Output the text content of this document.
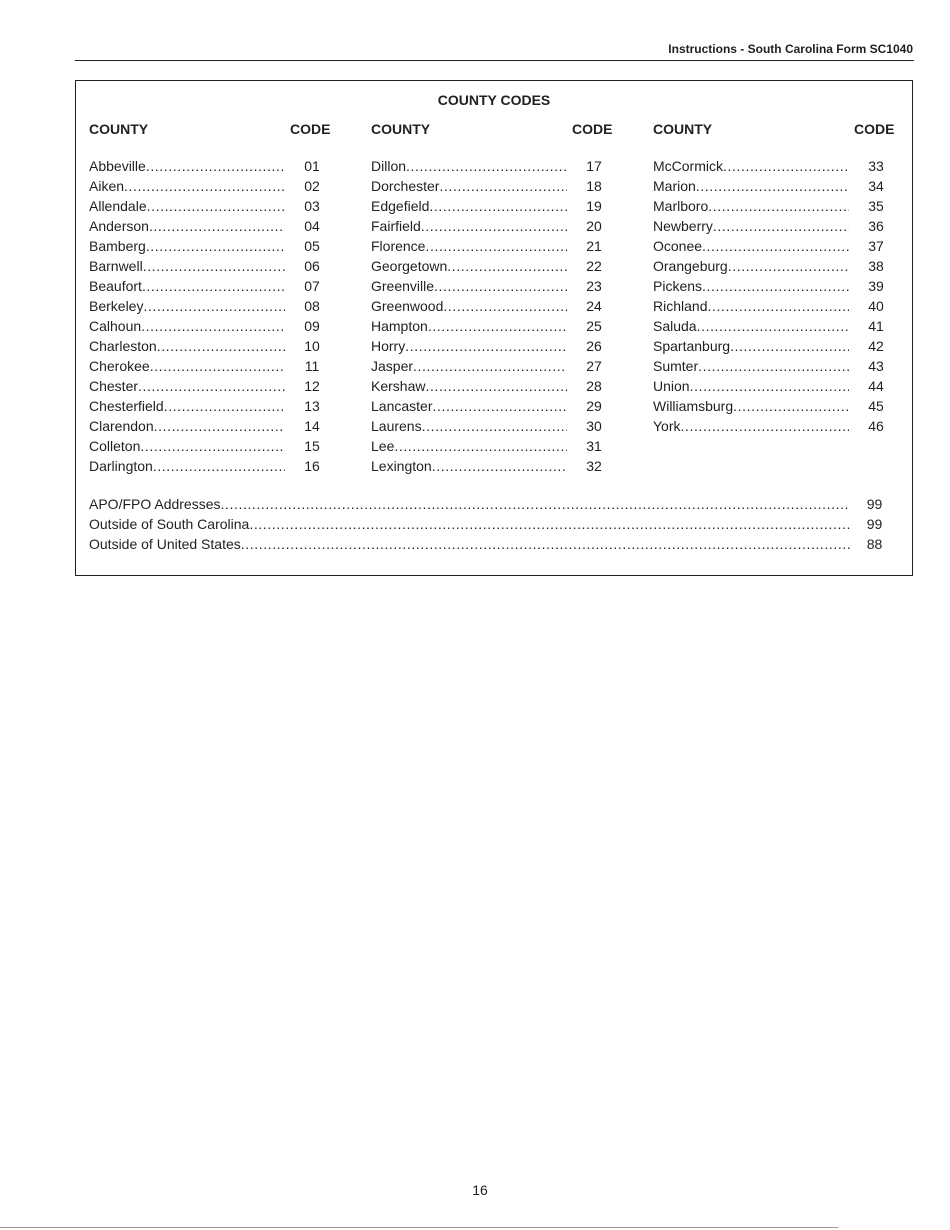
Instructions - South Carolina Form SC1040
COUNTY CODES
COUNTY	CODE	COUNTY	CODE	COUNTY	CODE
Abbeville .....	01
Aiken .....	02
Allendale .....	03
Anderson .....	04
Bamberg .....	05
Barnwell .....	06
Beaufort .....	07
Berkeley .....	08
Calhoun .....	09
Charleston .....	10
Cherokee .....	11
Chester .....	12
Chesterfield .....	13
Clarendon .....	14
Colleton .....	15
Darlington .....	16
Dillon .....	17
Dorchester .....	18
Edgefield .....	19
Fairfield .....	20
Florence .....	21
Georgetown .....	22
Greenville .....	23
Greenwood .....	24
Hampton .....	25
Horry .....	26
Jasper .....	27
Kershaw .....	28
Lancaster .....	29
Laurens .....	30
Lee .....	31
Lexington .....	32
McCormick .....	33
Marion .....	34
Marlboro .....	35
Newberry .....	36
Oconee .....	37
Orangeburg .....	38
Pickens .....	39
Richland .....	40
Saluda .....	41
Spartanburg .....	42
Sumter .....	43
Union .....	44
Williamsburg .....	45
York .....	46
APO/FPO Addresses .....	99
Outside of South Carolina .....	99
Outside of United States .....	88
16
